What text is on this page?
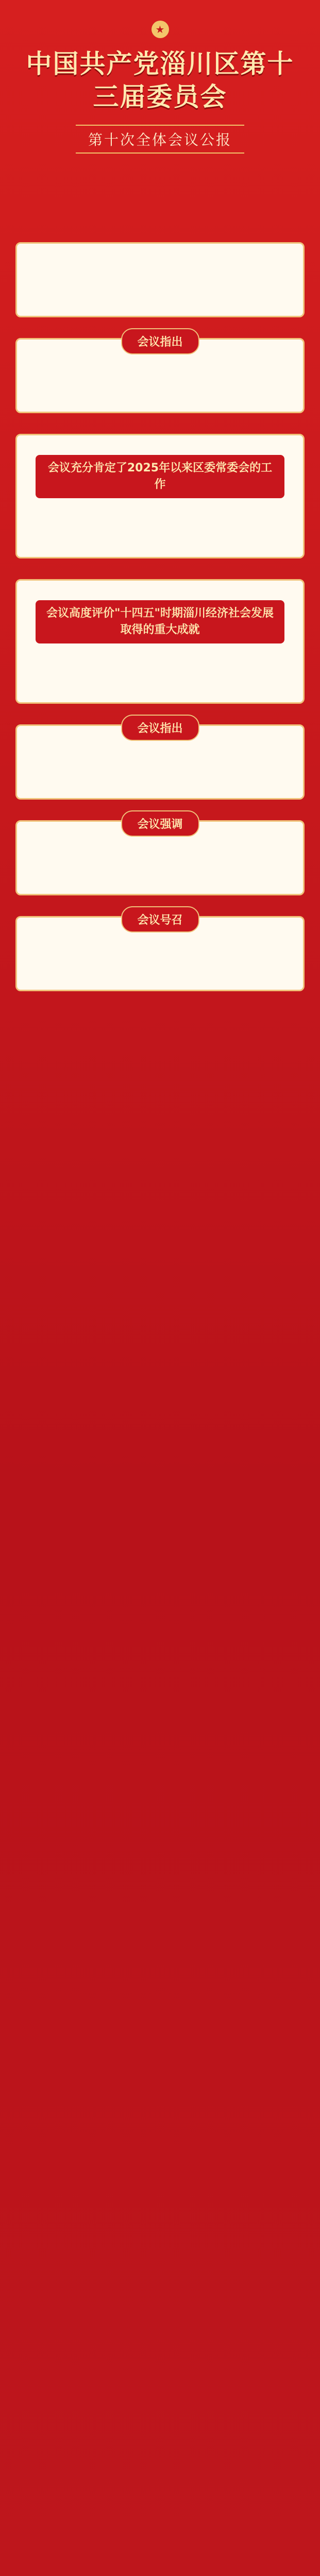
★
中国共产党淄川区第十三届委员会
第十次全体会议公报

会议指出

会议充分肯定了2025年以来区委常委会的工作

会议高度评价"十四五"时期淄川经济社会发展取得的重大成就

会议指出

会议强调

会议号召
